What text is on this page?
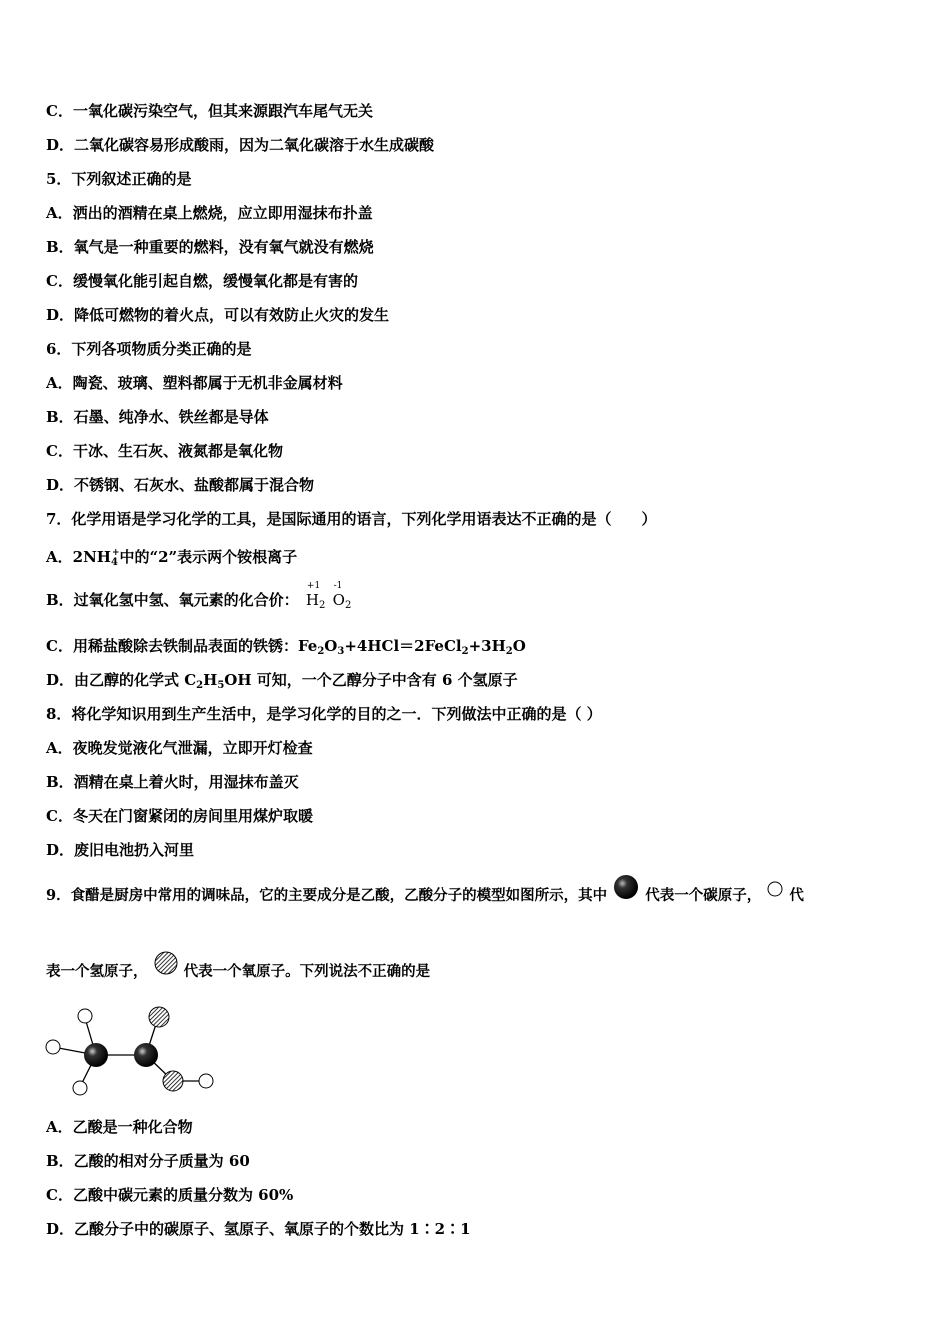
C．一氧化碳污染空气，但其来源跟汽车尾气无关
D．二氧化碳容易形成酸雨，因为二氧化碳溶于水生成碳酸
5．下列叙述正确的是
A．洒出的酒精在桌上燃烧，应立即用湿抹布扑盖
B．氧气是一种重要的燃料，没有氧气就没有燃烧
C．缓慢氧化能引起自燃，缓慢氧化都是有害的
D．降低可燃物的着火点，可以有效防止火灾的发生
6．下列各项物质分类正确的是
A．陶瓷、玻璃、塑料都属于无机非金属材料
B．石墨、纯净水、铁丝都是导体
C．干冰、生石灰、液氮都是氧化物
D．不锈钢、石灰水、盐酸都属于混合物
7．化学用语是学习化学的工具，是国际通用的语言，下列化学用语表达不正确的是（　　）
A．$2NH_4^+$中的“2”表示两个铵根离子
B．过氧化氢中氢、氧元素的化合价：
+1
$H_2$
-1
$O_2$
C．用稀盐酸除去铁制品表面的铁锈：$Fe_2O_3+4HCl=2FeCl_2+3H_2O$
D．由乙醇的化学式 $C_2H_5OH$ 可知，一个乙醇分子中含有 6 个氢原子
8．将化学知识用到生产生活中，是学习化学的目的之一．下列做法中正确的是（ ）
A．夜晚发觉液化气泄漏，立即开灯检查
B．酒精在桌上着火时，用湿抹布盖灭
C．冬天在门窗紧闭的房间里用煤炉取暖
D．废旧电池扔入河里
9．食醋是厨房中常用的调味品，它的主要成分是乙酸，乙酸分子的模型如图所示，其中	代表一个碳原子， 代
表一个氢原子， 代表一个氧原子。下列说法不正确的是
A．乙酸是一种化合物
B．乙酸的相对分子质量为 60
C．乙酸中碳元素的质量分数为 60%
D．乙酸分子中的碳原子、氢原子、氧原子的个数比为 1∶2∶1
